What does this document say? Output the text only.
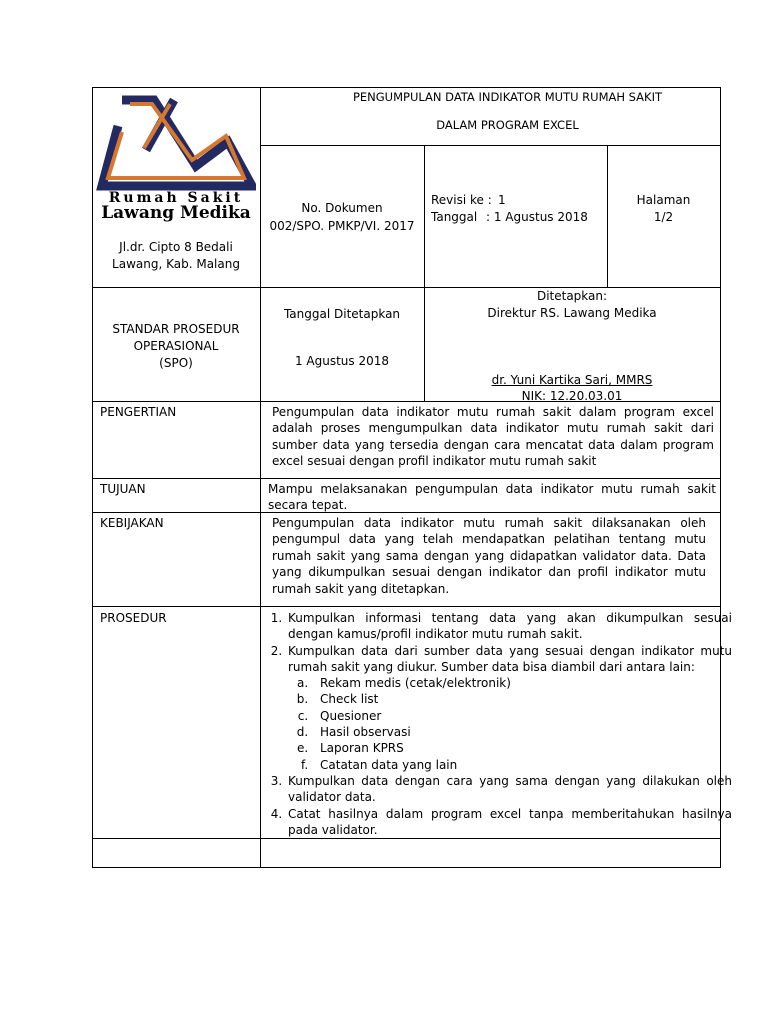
Rumah Sakit
Lawang Medika
Jl.dr. Cipto 8 Bedali
Lawang, Kab. Malang
PENGUMPULAN DATA INDIKATOR MUTU RUMAH SAKIT
DALAM PROGRAM EXCEL
No. Dokumen
002/SPO. PMKP/VI. 2017
Revisi ke : 1
Tanggal : 1 Agustus 2018
Halaman
1/2
STANDAR PROSEDUR
OPERASIONAL
(SPO)
Tanggal Ditetapkan
1 Agustus 2018
Ditetapkan:
Direktur RS. Lawang Medika
dr. Yuni Kartika Sari, MMRS
NIK: 12.20.03.01
PENGERTIAN	Pengumpulan data indikator mutu rumah sakit dalam program excel adalah proses mengumpulkan data indikator mutu rumah sakit dari sumber data yang tersedia dengan cara mencatat data dalam program excel sesuai dengan profil indikator mutu rumah sakit
TUJUAN	Mampu melaksanakan pengumpulan data indikator mutu rumah sakit secara tepat.
KEBIJAKAN	Pengumpulan data indikator mutu rumah sakit dilaksanakan oleh pengumpul data yang telah mendapatkan pelatihan tentang mutu rumah sakit yang sama dengan yang didapatkan validator data. Data yang dikumpulkan sesuai dengan indikator dan profil indikator mutu rumah sakit yang ditetapkan.
PROSEDUR
1.	Kumpulkan informasi tentang data yang akan dikumpulkan sesuai dengan kamus/profil indikator mutu rumah sakit.
2. Kumpulkan data dari sumber data yang sesuai dengan indikator mutu rumah sakit yang diukur. Sumber data bisa diambil dari antara lain:
a. Rekam medis (cetak/elektronik)
b. Check list
c. Quesioner
d. Hasil observasi
e. Laporan KPRS
f. Catatan data yang lain
3. Kumpulkan data dengan cara yang sama dengan yang dilakukan oleh validator data.
4. Catat hasilnya dalam program excel tanpa memberitahukan hasilnya pada validator.
